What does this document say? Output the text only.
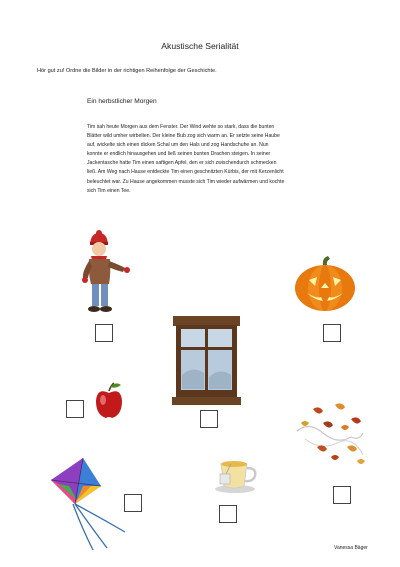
Akustische Serialität
Hör gut zu! Ordne die Bilder in der richtigen Reihenfolge der Geschichte.
Ein herbstlicher Morgen
Tim sah heute Morgen aus dem Fenster. Der Wind wehte so stark, dass die bunten
Blätter wild umher wirbelten. Der kleine Bub zog sich warm an. Er setzte seine Haube
auf, wickelte sich einen dicken Schal um den Hals und zog Handschuhe an. Nun
konnte er endlich hinausgehen und ließ seinen bunten Drachen steigen. In seiner
Jackentasche hatte Tim einen saftigen Apfel, den er sich zwischendurch schmecken
ließ. Am Weg nach Hause entdeckte Tim einen geschnitzten Kürbis, der mit Kerzenlicht
beleuchtet war. Zu Hause angekommen musste sich Tim wieder aufwärmen und kochte
sich Tim einen Tee.
Vanessa Bäger
